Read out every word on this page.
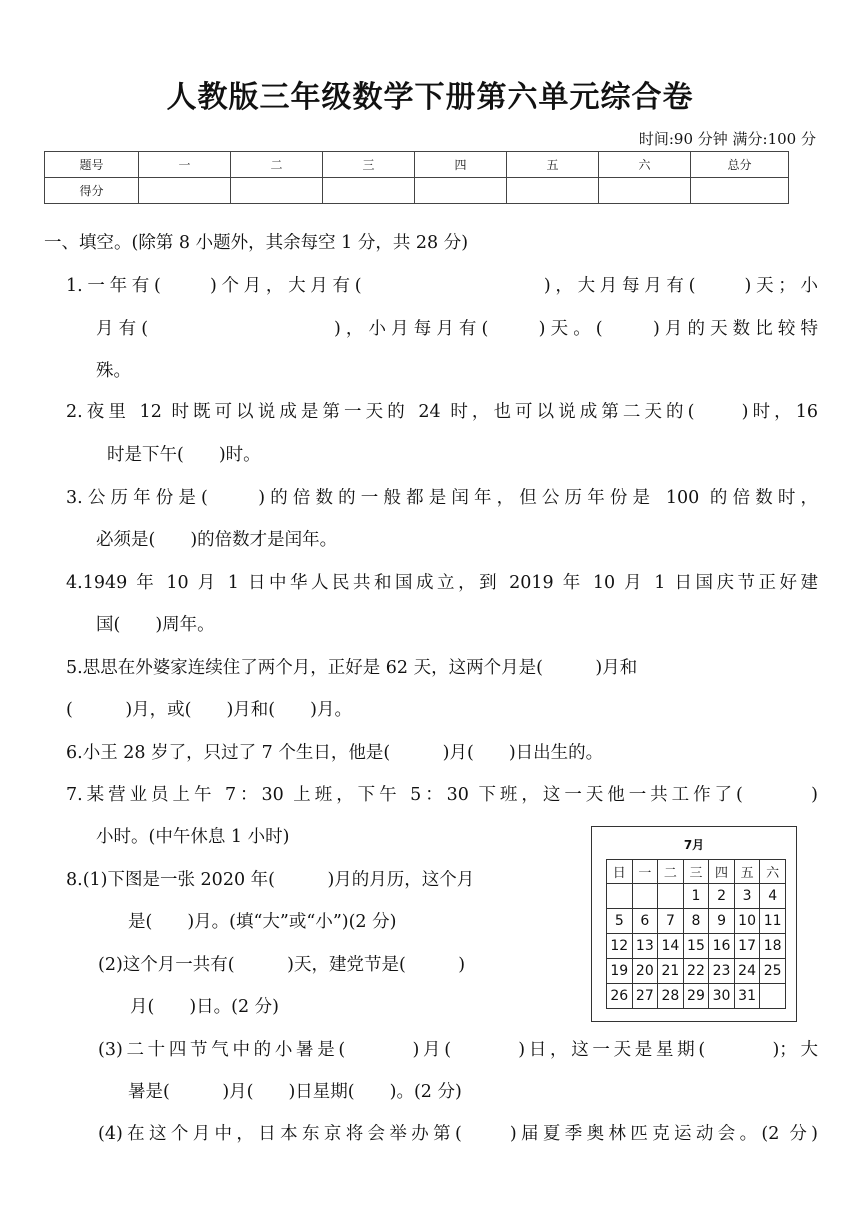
人教版三年级数学下册第六单元综合卷
时间:90 分钟 满分:100 分
题号	一	二	三	四	五	六	总分
得分							
一、填空。(除第 8 小题外，其余每空 1 分，共 28 分)
1.一年有(　　)个月，大月有(　　　　　　　　)，大月每月有(　　)天；小
月有(　　　　　　　　)，小月每月有(　　)天。(　　)月的天数比较特
殊。
2.夜里 12 时既可以说成是第一天的 24 时，也可以说成第二天的(　　)时，16
时是下午(　　)时。
3.公历年份是(　　)的倍数的一般都是闰年，但公历年份是 100 的倍数时，
必须是(　　)的倍数才是闰年。
4.1949 年 10 月 1 日中华人民共和国成立，到 2019 年 10 月 1 日国庆节正好建
国(　　)周年。
5.思思在外婆家连续住了两个月，正好是 62 天，这两个月是(　　　)月和
(　　　)月，或(　　)月和(　　)月。
6.小王 28 岁了，只过了 7 个生日，他是(　　　)月(　　)日出生的。
7.某营业员上午 7：30 上班，下午 5：30 下班，这一天他一共工作了(　　　)
小时。(中午休息 1 小时)
8.(1)下图是一张 2020 年(　　　)月的月历，这个月
是(　　)月。(填“大”或“小”)(2 分)
(2)这个月一共有(　　　)天，建党节是(　　　)
月(　　)日。(2 分)
(3)二十四节气中的小暑是(　　　)月(　　　)日，这一天是星期(　　　)；大
暑是(　　　)月(　　)日星期(　　)。(2 分)
(4)在这个月中，日本东京将会举办第(　　)届夏季奥林匹克运动会。(2 分)
7月
日	一	二	三	四	五	六
			1	2	3	4
5	6	7	8	9	10	11
12	13	14	15	16	17	18
19	20	21	22	23	24	25
26	27	28	29	30	31	
